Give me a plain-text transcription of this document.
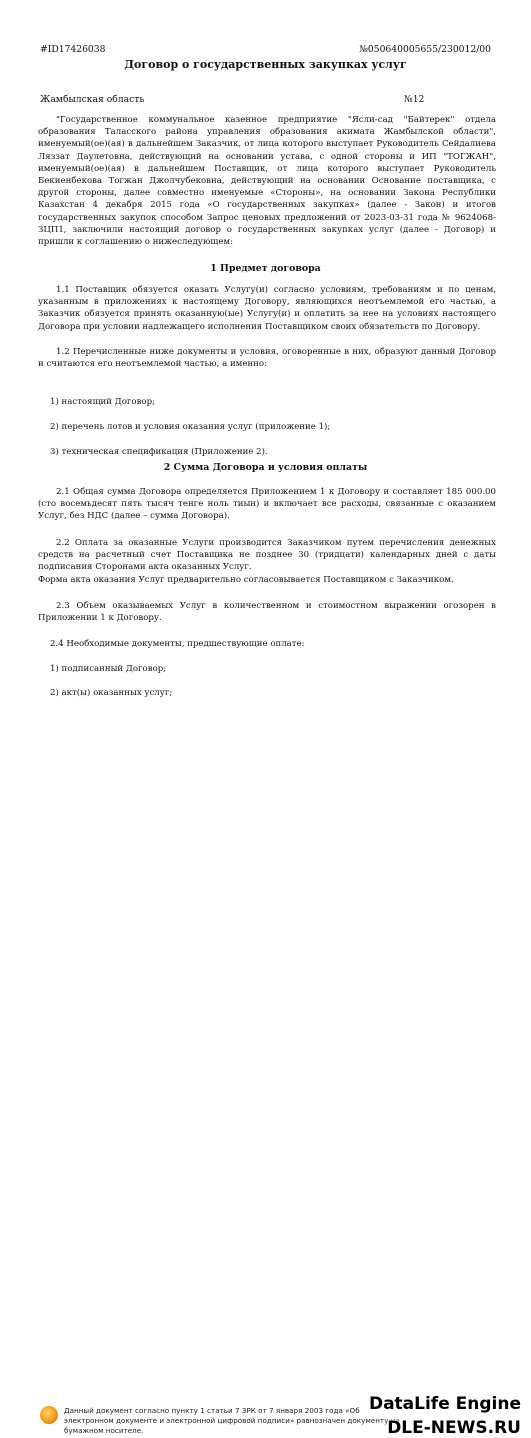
#ID17426038	№050640005655/230012/00
Договор о государственных закупках услуг
Жамбылская область	№12

"Государственное коммунальное казенное предприятие "Ясли-сад "Байтерек" отдела образования Таласского района управления образования акимата Жамбылской области", именуемый(ое)(ая) в дальнейшем Заказчик, от лица которого выступает Руководитель Сейдалиева Ляззат Даулетовна, действующий на основании устава, с одной стороны и ИП "ТОГЖАН", именуемый(ое)(ая) в дальнейшем Поставщик, от лица которого выступает Руководитель Бекиенбекова Тогжан Джолчубековна, действующий на основании Основание поставщика, с другой стороны, далее совместно именуемые «Стороны», на основании Закона Республики Казахстан 4 декабря 2015 года «О государственных закупках» (далее - Закон) и итогов государственных закупок способом Запрос ценовых предложений от 2023-03-31 года № 9624068-ЗЦП1, заключили настоящий договор о государственных закупках услуг (далее - Договор) и пришли к соглашению о нижеследующем:

1 Предмет договора

1.1 Поставщик обязуется оказать Услугу(и) согласно условиям, требованиям и по ценам, указанным в приложениях к настоящему Договору, являющихся неотъемлемой его частью, а Заказчик обязуется принять оказанную(ые) Услугу(и) и оплатить за нее на условиях настоящего Договора при условии надлежащего исполнения Поставщиком своих обязательств по Договору.

1.2 Перечисленные ниже документы и условия, оговоренные в них, образуют данный Договор и считаются его неотъемлемой частью, а именно:

1) настоящий Договор;
2) перечень лотов и условия оказания услуг (приложение 1);
3) техническая спецификация (Приложение 2).
2 Сумма Договора и условия оплаты

2.1 Общая сумма Договора определяется Приложением 1 к Договору и составляет 185 000.00 (сто восемьдесят пять тысяч тенге ноль тиын) и включает все расходы, связанные с оказанием Услуг, без НДС (далее – сумма Договора).

2.2 Оплата за оказанные Услуги производится Заказчиком путем перечисления денежных средств на расчетный счет Поставщика не позднее 30 (тридцати) календарных дней с даты подписания Сторонами акта оказанных Услуг.

Форма акта оказания Услуг предварительно согласовывается Поставщиком с Заказчиком.

2.3 Объем оказываемых Услуг в количественном и стоимостном выражении огозорен в Приложении 1 к Договору.

2.4 Необходимые документы, предшествующие оплате:
1) подписанный Договор;
2) акт(ы) оказанных услуг;
Данный документ согласно пункту 1 статьи 7 ЗРК от 7 января 2003 года «Об электронном документе и электронной цифровой подписи» равнозначен документу на бумажном носителе.
DataLife Engine
DLE-NEWS.RU
